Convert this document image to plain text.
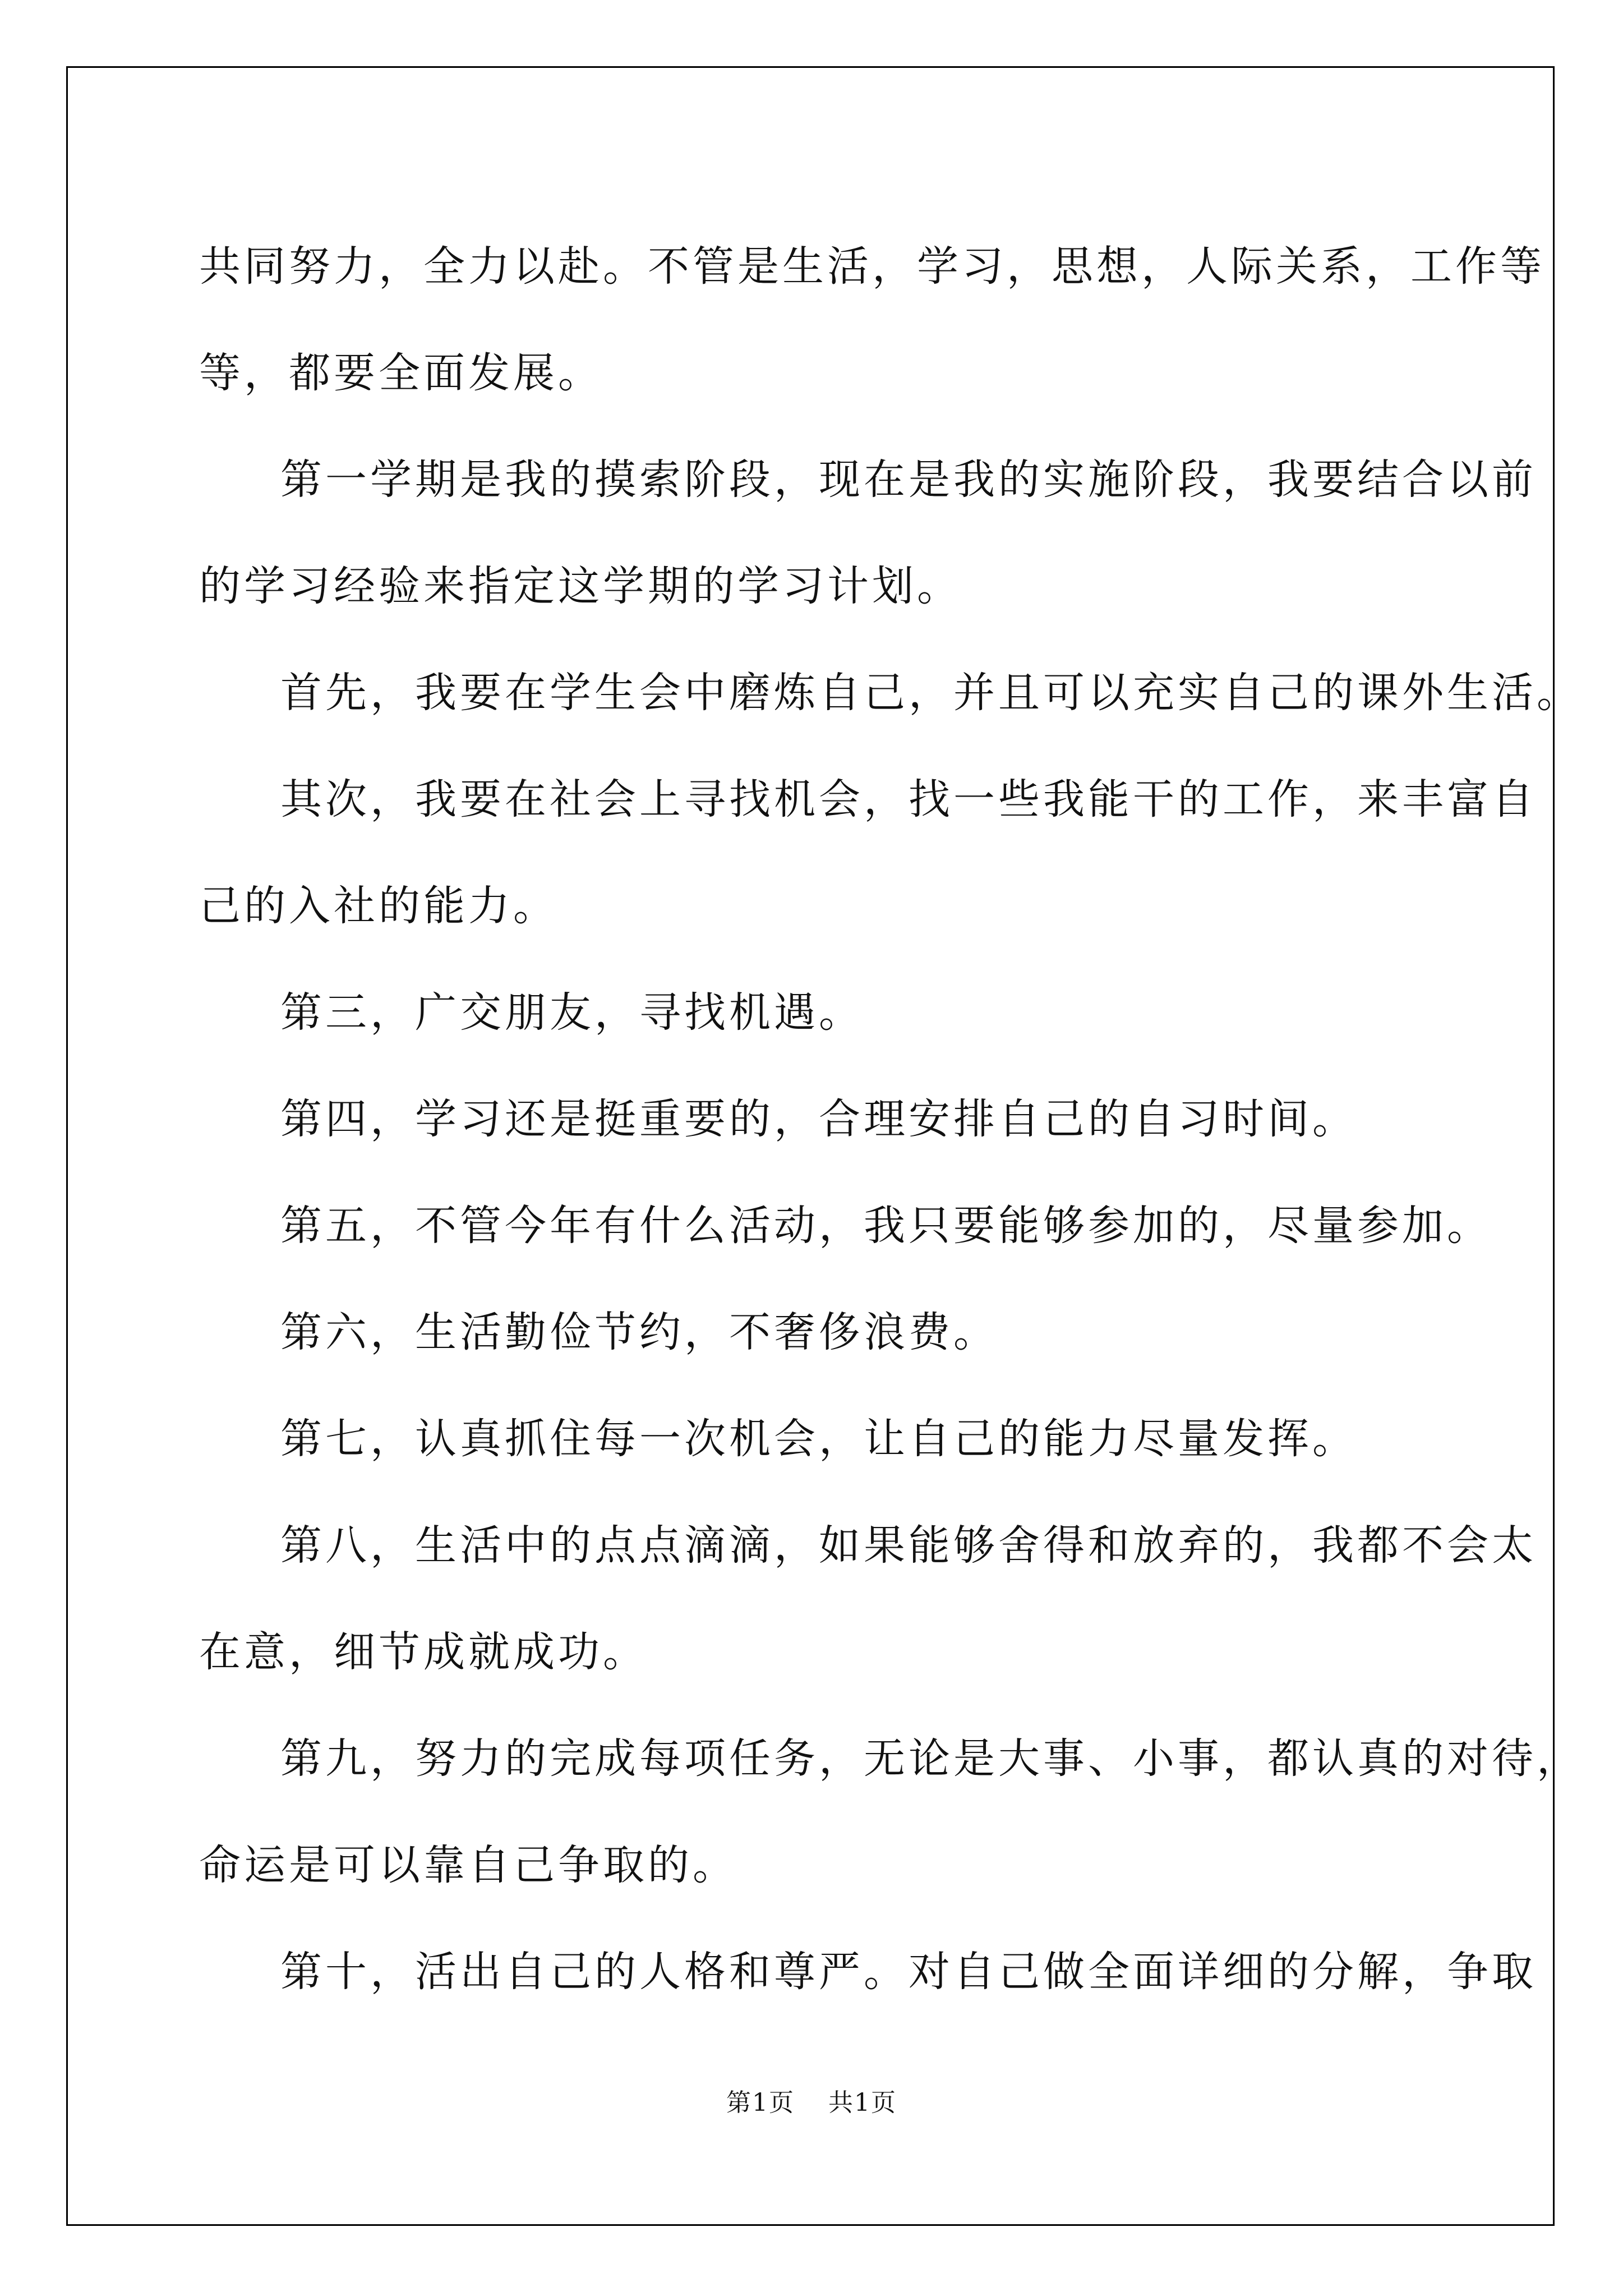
共同努力，全力以赴。不管是生活，学习，思想，人际关系，工作等
等，都要全面发展。
第一学期是我的摸索阶段，现在是我的实施阶段，我要结合以前
的学习经验来指定这学期的学习计划。
首先，我要在学生会中磨炼自己，并且可以充实自己的课外生活。
其次，我要在社会上寻找机会，找一些我能干的工作，来丰富自
己的入社的能力。
第三，广交朋友，寻找机遇。
第四，学习还是挺重要的，合理安排自己的自习时间。
第五，不管今年有什么活动，我只要能够参加的，尽量参加。
第六，生活勤俭节约，不奢侈浪费。
第七，认真抓住每一次机会，让自己的能力尽量发挥。
第八，生活中的点点滴滴，如果能够舍得和放弃的，我都不会太
在意，细节成就成功。
第九，努力的完成每项任务，无论是大事、小事，都认真的对待，
命运是可以靠自己争取的。
第十，活出自己的人格和尊严。对自己做全面详细的分解，争取
第1页 共1页
